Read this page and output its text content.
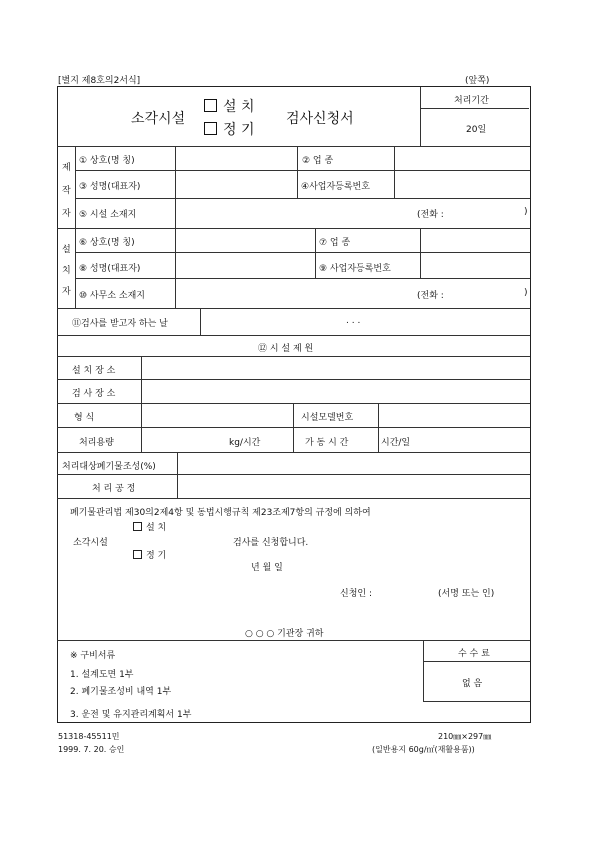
[별지 제8호의2서식]	(앞쪽)
소각시설
설 치
정 기
검사신청서
처리기간
20일
제
작
자
① 상호(명 칭)	② 업 종
③ 성명(대표자)	④사업자등록번호
⑤ 시설 소재지	(전화 :	)
설
치
자
⑥ 상호(명 칭)	⑦ 업 종
⑧ 성명(대표자)	⑨ 사업자등록번호
⑩ 사무소 소재지	(전화 :	)
⑪검사를 받고자 하는 날	. . .
⑫ 시 설 제 원
설 치 장 소
검 사 장 소
형 식	시설모델번호
처리용량	kg/시간	가 동 시 간	시간/일
처리대상폐기물조성(%)
처 리 공 정
폐기물관리법 제30의2제4항 및 동법시행규칙 제23조제7항의 규정에 의하여
설 치
소각시설	검사를 신청합니다.
정 기
년 월 일
신청인 :	(서명 또는 인)
○ ○ ○ 기관장 귀하
※ 구비서류
1. 설계도면 1부
2. 폐기물조성비 내역 1부
3. 운전 및 유지관리계획서 1부
수 수 료
없 음
51318-45511민
1999. 7. 20. 승인
210㎜×297㎜
(일반용지 60g/㎡(재활용품))
